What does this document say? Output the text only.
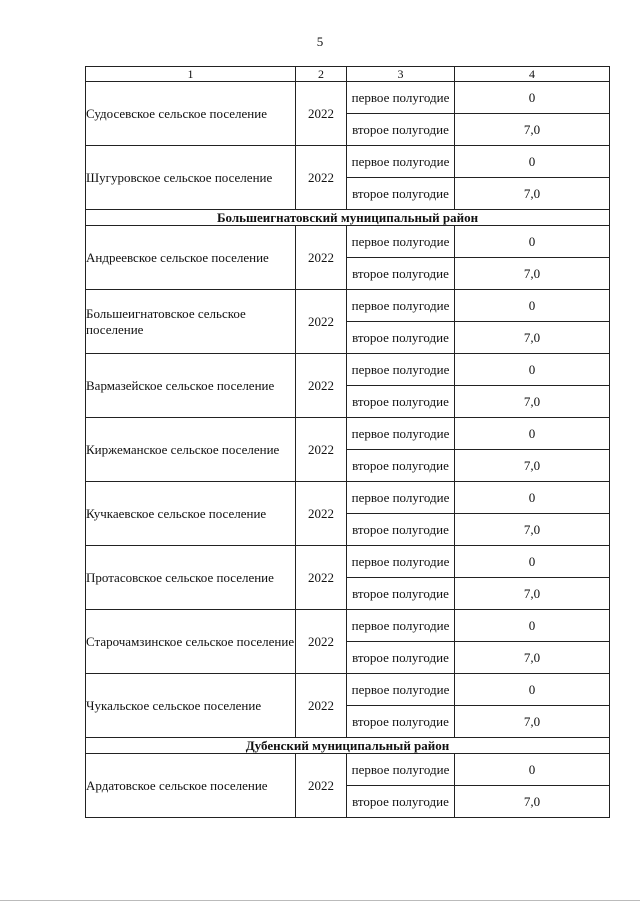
5
1	2	3	4
Судосевское сельское поселение	2022	первое полугодие	0
		второе полугодие	7,0
Шугуровское сельское поселение	2022	первое полугодие	0
		второе полугодие	7,0
Большеигнатовский муниципальный район			
Андреевское сельское поселение	2022	первое полугодие	0
		второе полугодие	7,0
Большеигнатовское сельское поселение	2022	первое полугодие	0
		второе полугодие	7,0
Вармазейское сельское поселение	2022	первое полугодие	0
		второе полугодие	7,0
Киржеманское сельское поселение	2022	первое полугодие	0
		второе полугодие	7,0
Кучкаевское сельское поселение	2022	первое полугодие	0
		второе полугодие	7,0
Протасовское сельское поселение	2022	первое полугодие	0
		второе полугодие	7,0
Старочамзинское сельское поселение	2022	первое полугодие	0
		второе полугодие	7,0
Чукальское сельское поселение	2022	первое полугодие	0
		второе полугодие	7,0
Дубенский муниципальный район			
Ардатовское сельское поселение	2022	первое полугодие	0
		второе полугодие	7,0
